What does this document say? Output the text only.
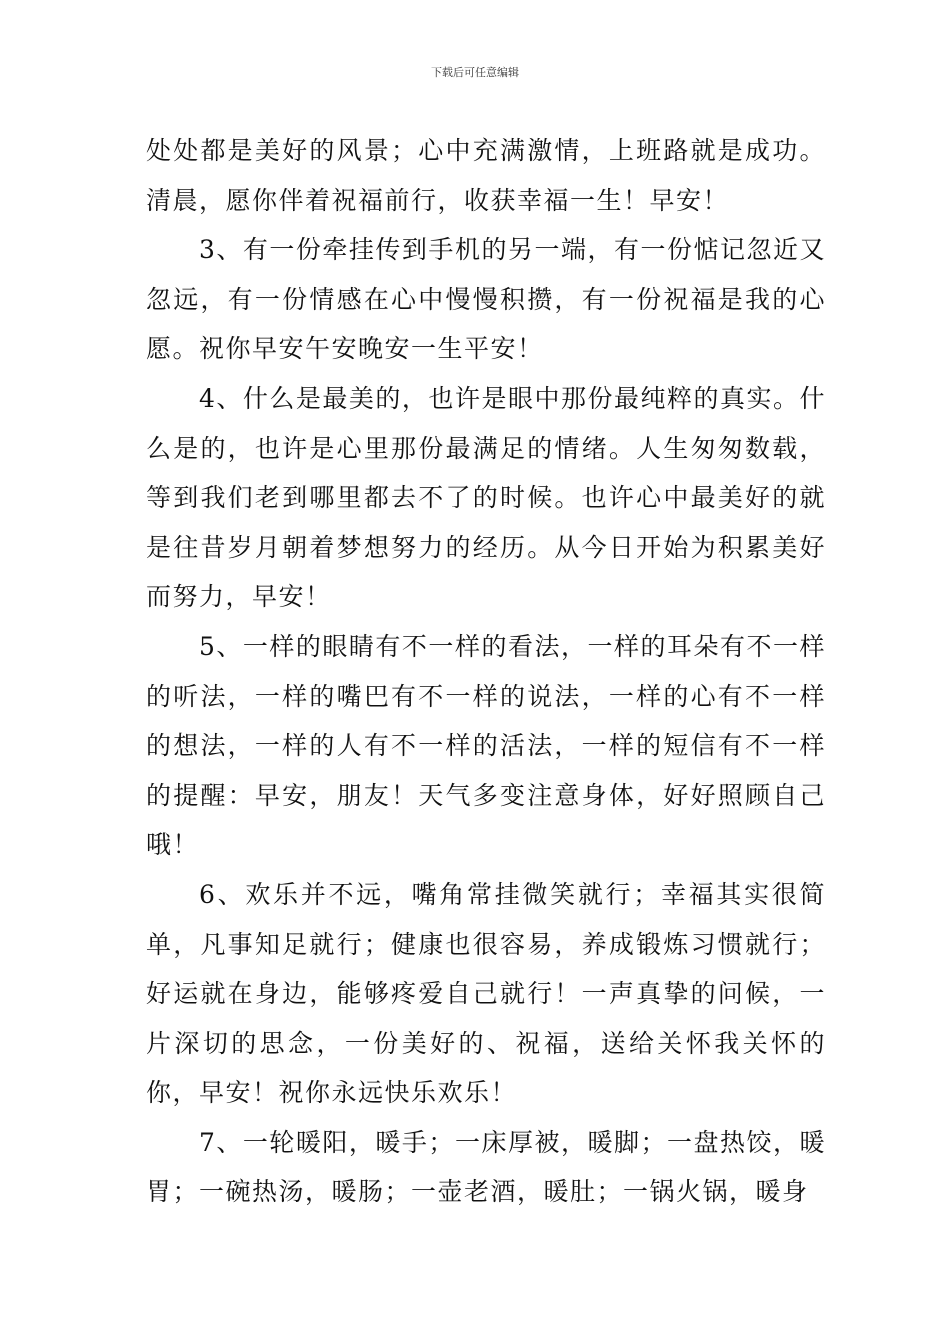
下载后可任意编辑

处处都是美好的风景；心中充满激情，上班路就是成功。清晨，愿你伴着祝福前行，收获幸福一生！早安！

3、有一份牵挂传到手机的另一端，有一份惦记忽近又忽远，有一份情感在心中慢慢积攒，有一份祝福是我的心愿。祝你早安午安晚安一生平安！

4、什么是最美的，也许是眼中那份最纯粹的真实。什么是的，也许是心里那份最满足的情绪。人生匆匆数载，等到我们老到哪里都去不了的时候。也许心中最美好的就是往昔岁月朝着梦想努力的经历。从今日开始为积累美好而努力，早安！

5、一样的眼睛有不一样的看法，一样的耳朵有不一样的听法，一样的嘴巴有不一样的说法，一样的心有不一样的想法，一样的人有不一样的活法，一样的短信有不一样的提醒：早安，朋友！天气多变注意身体，好好照顾自己哦！

6、欢乐并不远，嘴角常挂微笑就行；幸福其实很简单，凡事知足就行；健康也很容易，养成锻炼习惯就行；好运就在身边，能够疼爱自己就行！一声真挚的问候，一片深切的思念，一份美好的、祝福，送给关怀我关怀的你，早安！祝你永远快乐欢乐！

7、一轮暖阳，暖手；一床厚被，暖脚；一盘热饺，暖胃；一碗热汤，暖肠；一壶老酒，暖肚；一锅火锅，暖身
